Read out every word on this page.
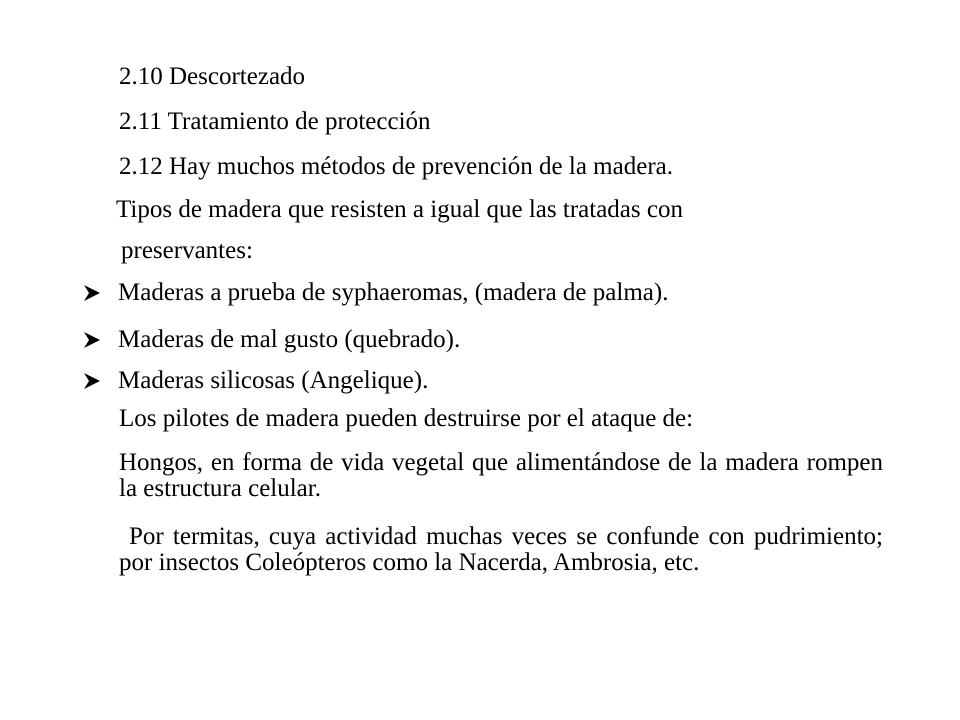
2.10 Descortezado
2.11 Tratamiento de protección
2.12 Hay muchos métodos de prevención de la madera.
Tipos de madera que resisten a igual que las tratadas con
preservantes:
Maderas a prueba de syphaeromas, (madera de palma).
Maderas de mal gusto (quebrado).
Maderas silicosas (Angelique).
Los pilotes de madera pueden destruirse por el ataque de:
Hongos, en forma de vida vegetal que alimentándose de la madera rompen la estructura celular.
Por termitas, cuya actividad muchas veces se confunde con pudrimiento; por insectos Coleópteros como la Nacerda, Ambrosia, etc.
